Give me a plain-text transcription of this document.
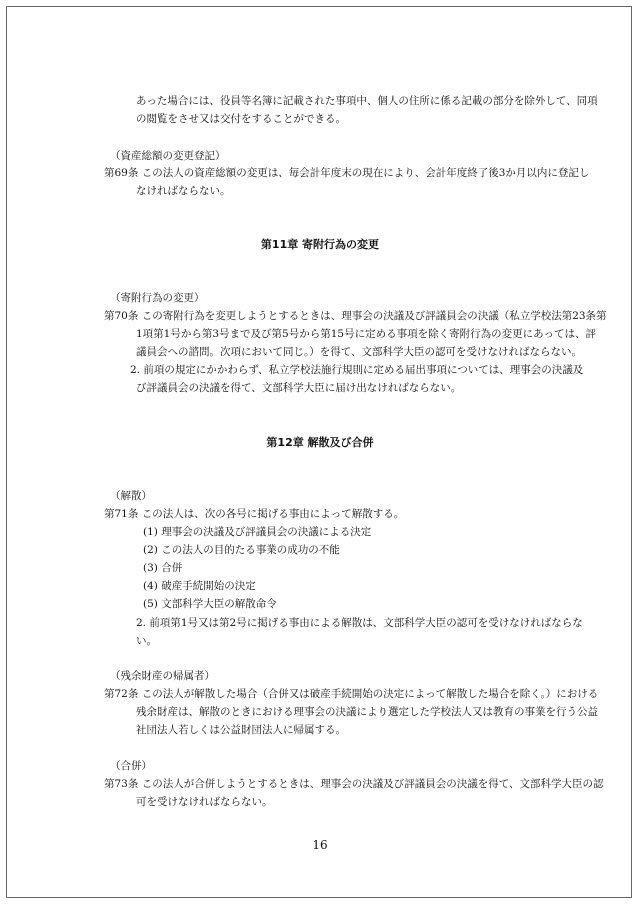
あった場合には、役員等名簿に記載された事項中、個人の住所に係る記載の部分を除外して、同項
の閲覧をさせ又は交付をすることができる。
（資産総額の変更登記）
第69条 この法人の資産総額の変更は、毎会計年度末の現在により、会計年度終了後3か月以内に登記し
なければならない。
第11章 寄附行為の変更
（寄附行為の変更）
第70条 この寄附行為を変更しようとするときは、理事会の決議及び評議員会の決議（私立学校法第23条第
1項第1号から第3号まで及び第5号から第15号に定める事項を除く寄附行為の変更にあっては、評
議員会への諮問。次項において同じ。）を得て、文部科学大臣の認可を受けなければならない。
2. 前項の規定にかかわらず、私立学校法施行規則に定める届出事項については、理事会の決議及
び評議員会の決議を得て、文部科学大臣に届け出なければならない。
第12章 解散及び合併
（解散）
第71条 この法人は、次の各号に掲げる事由によって解散する。
(1) 理事会の決議及び評議員会の決議による決定
(2) この法人の目的たる事業の成功の不能
(3) 合併
(4) 破産手続開始の決定
(5) 文部科学大臣の解散命令
2. 前項第1号又は第2号に掲げる事由による解散は、文部科学大臣の認可を受けなければならな
い。
（残余財産の帰属者）
第72条 この法人が解散した場合（合併又は破産手続開始の決定によって解散した場合を除く。）における
残余財産は、解散のときにおける理事会の決議により選定した学校法人又は教育の事業を行う公益
社団法人若しくは公益財団法人に帰属する。
（合併）
第73条 この法人が合併しようとするときは、理事会の決議及び評議員会の決議を得て、文部科学大臣の認
可を受けなければならない。
16
